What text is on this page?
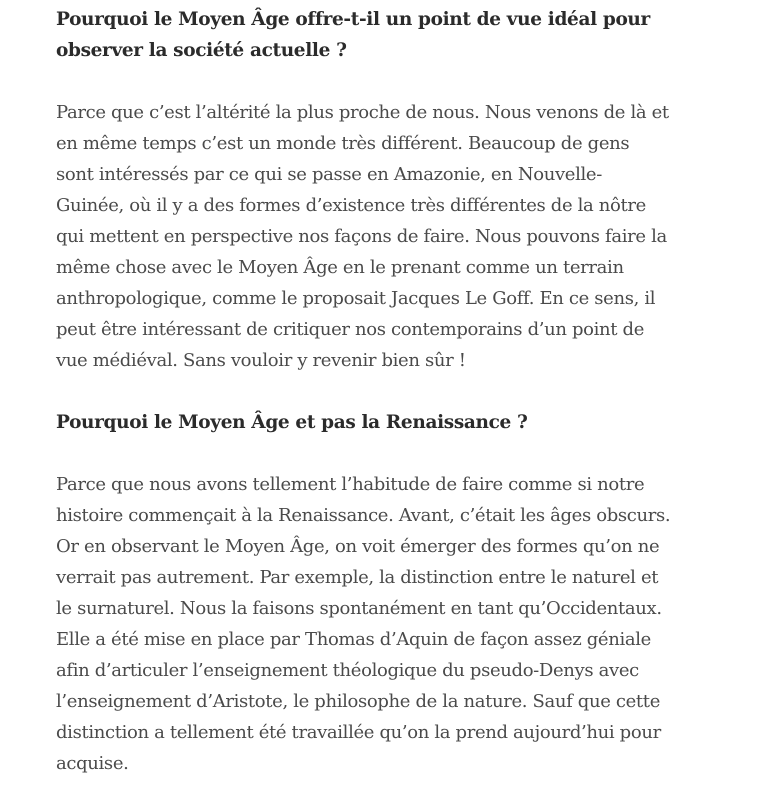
Pourquoi le Moyen Âge offre-t-il un point de vue idéal pour
observer la société actuelle ?

Parce que c’est l’altérité la plus proche de nous. Nous venons de là et
en même temps c’est un monde très différent. Beaucoup de gens
sont intéressés par ce qui se passe en Amazonie, en Nouvelle-
Guinée, où il y a des formes d’existence très différentes de la nôtre
qui mettent en perspective nos façons de faire. Nous pouvons faire la
même chose avec le Moyen Âge en le prenant comme un terrain
anthropologique, comme le proposait Jacques Le Goff. En ce sens, il
peut être intéressant de critiquer nos contemporains d’un point de
vue médiéval. Sans vouloir y revenir bien sûr !

Pourquoi le Moyen Âge et pas la Renaissance ?

Parce que nous avons tellement l’habitude de faire comme si notre
histoire commençait à la Renaissance. Avant, c’était les âges obscurs.
Or en observant le Moyen Âge, on voit émerger des formes qu’on ne
verrait pas autrement. Par exemple, la distinction entre le naturel et
le surnaturel. Nous la faisons spontanément en tant qu’Occidentaux.
Elle a été mise en place par Thomas d’Aquin de façon assez géniale
afin d’articuler l’enseignement théologique du pseudo-Denys avec
l’enseignement d’Aristote, le philosophe de la nature. Sauf que cette
distinction a tellement été travaillée qu’on la prend aujourd’hui pour
acquise.
